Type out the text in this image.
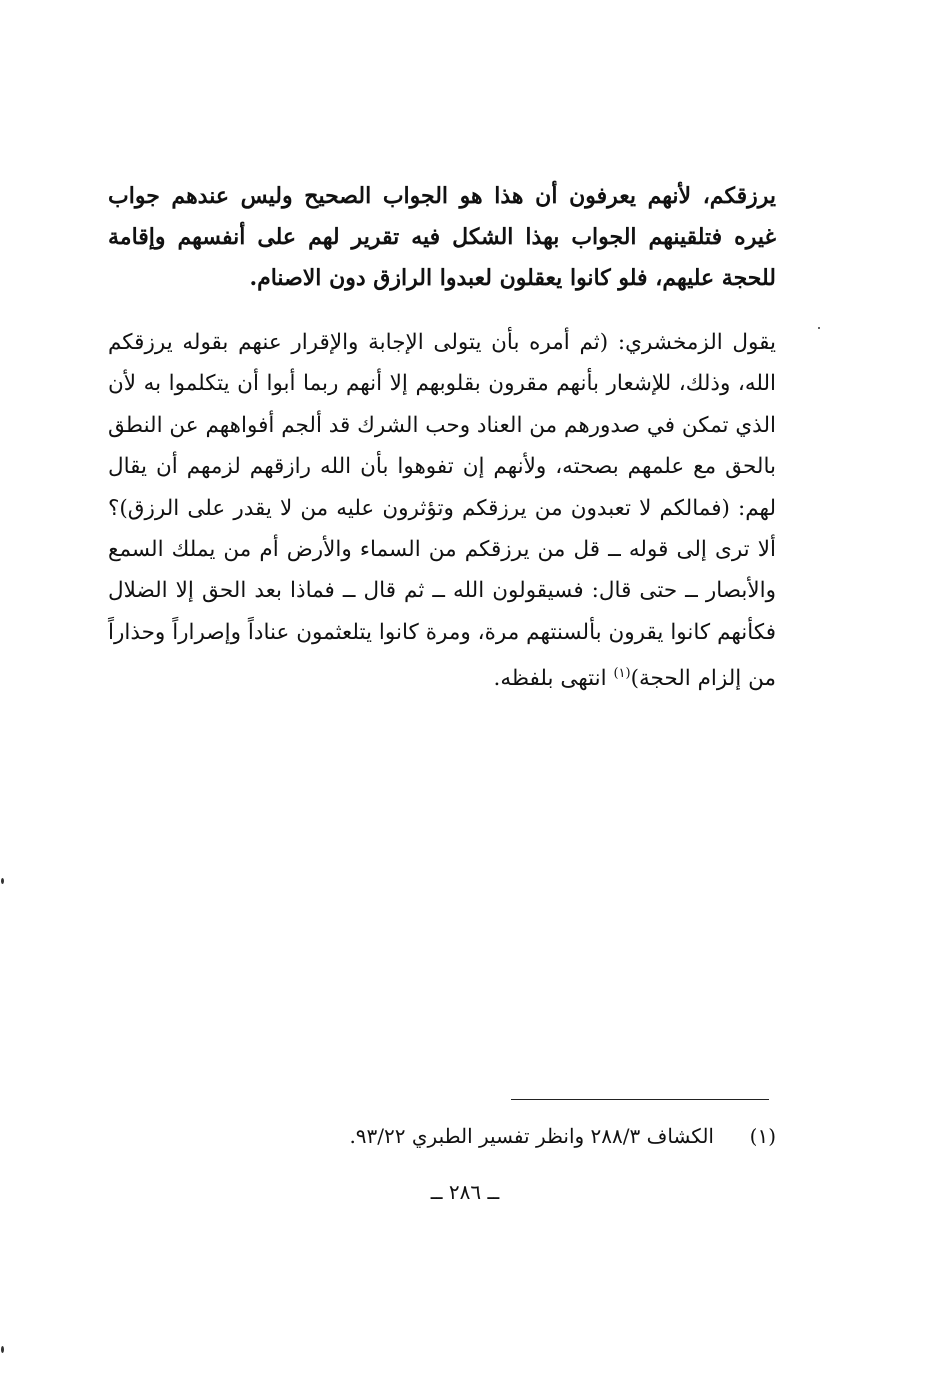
يرزقكم، لأنهم يعرفون أن هذا هو الجواب الصحيح وليس عندهم جواب غيره فتلقينهم الجواب بهذا الشكل فيه تقرير لهم على أنفسهم وإقامة للحجة عليهم، فلو كانوا يعقلون لعبدوا الرازق دون الاصنام.

يقول الزمخشري: (ثم أمره بأن يتولى الإجابة والإقرار عنهم بقوله يرزقكم الله، وذلك، للإشعار بأنهم مقرون بقلوبهم إلا أنهم ربما أبوا أن يتكلموا به لأن الذي تمكن في صدورهم من العناد وحب الشرك قد ألجم أفواههم عن النطق بالحق مع علمهم بصحته، ولأنهم إن تفوهوا بأن الله رازقهم لزمهم أن يقال لهم: (فمالكم لا تعبدون من يرزقكم وتؤثرون عليه من لا يقدر على الرزق)؟ ألا ترى إلى قوله ــ قل من يرزقكم من السماء والأرض أم من يملك السمع والأبصار ــ حتى قال: فسيقولون الله ــ ثم قال ــ فماذا بعد الحق إلا الضلال فكأنهم كانوا يقرون بألسنتهم مرة، ومرة كانوا يتلعثمون عناداً وإصراراً وحذاراً من إلزام الحجة)$^{(١)}$ انتهى بلفظه.

(١)الكشاف ٢٨٨/٣ وانظر تفسير الطبري ٩٣/٢٢.
ــ ٢٨٦ ــ
